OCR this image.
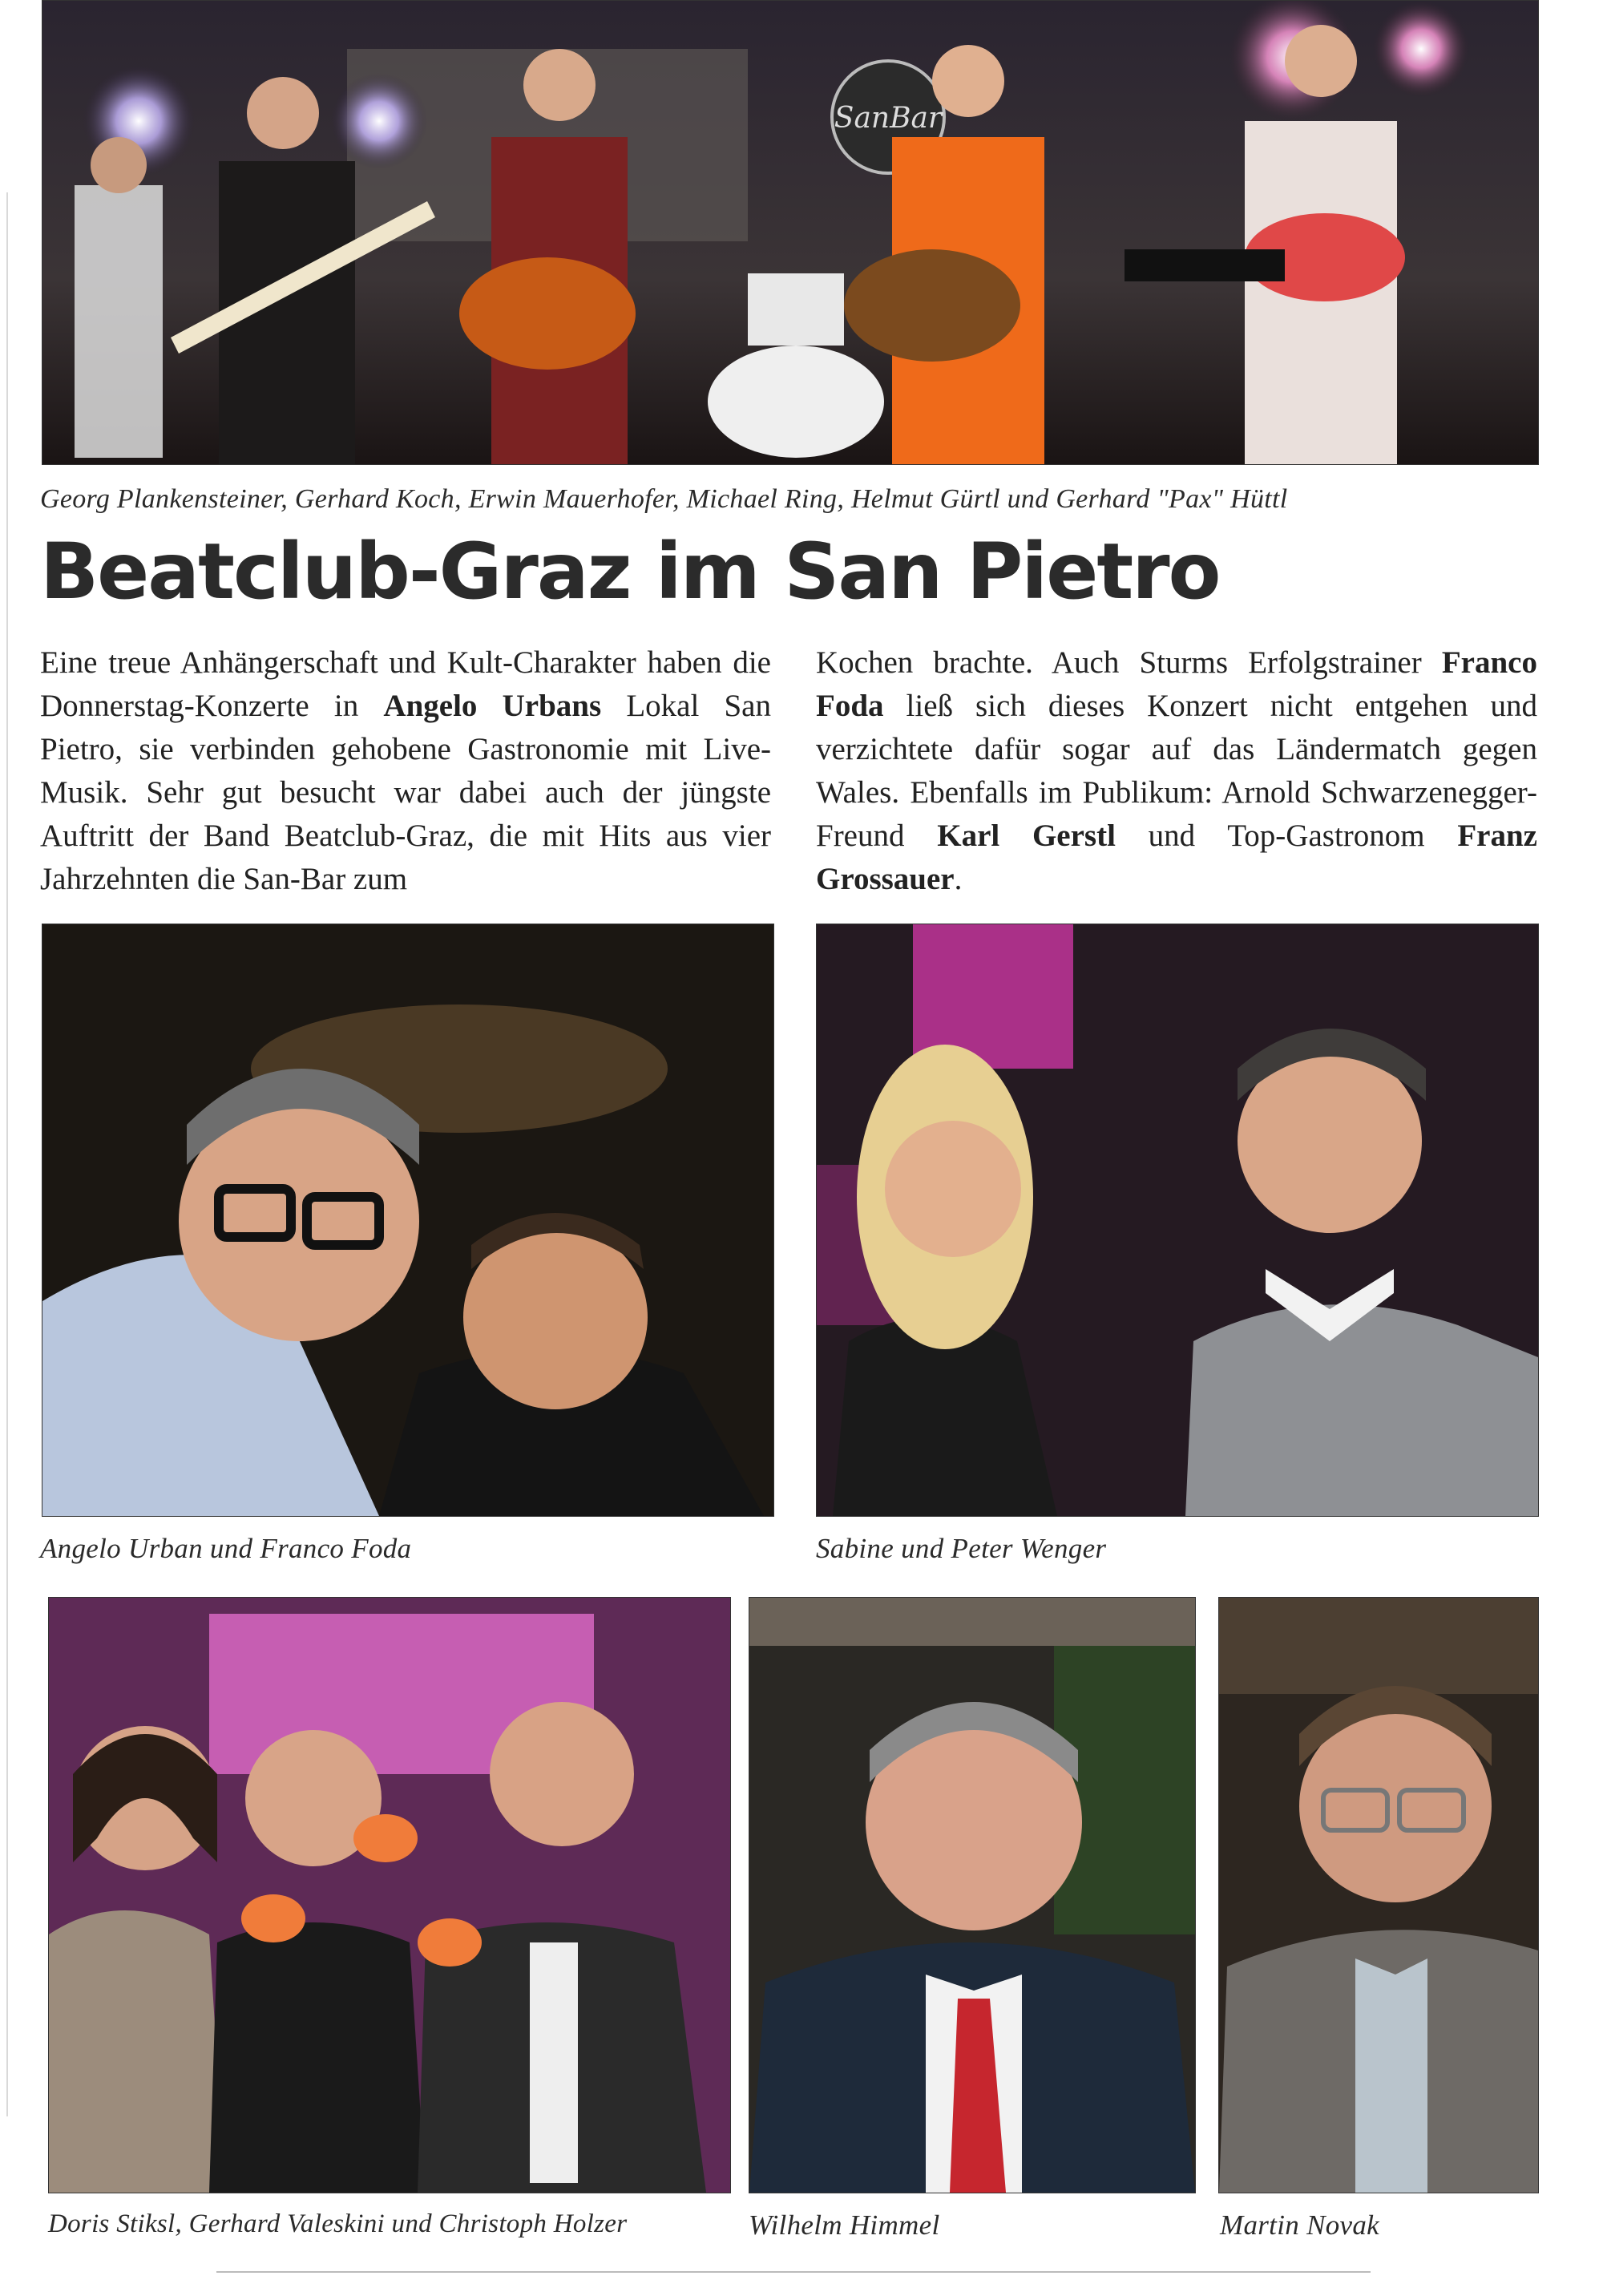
SanBar
Georg Plankensteiner, Gerhard Koch, Erwin Mauerhofer, Michael Ring, Helmut Gürtl und Gerhard "Pax" Hüttl
Beatclub-Graz im San Pietro
Eine treue Anhängerschaft und Kult-Charakter haben die Donnerstag-Konzerte in Angelo Urbans Lokal San Pietro, sie verbinden gehobene Gastronomie mit Live-Musik. Sehr gut besucht war dabei auch der jüngste Auftritt der Band Beatclub-Graz, die mit Hits aus vier Jahrzehnten die San-Bar zum
Kochen brachte. Auch Sturms Erfolgstrainer Franco Foda ließ sich dieses Konzert nicht entgehen und verzichtete dafür sogar auf das Ländermatch gegen Wales. Ebenfalls im Publikum: Arnold Schwarzenegger-Freund Karl Gerstl und Top-Gastronom Franz Grossauer.
Angelo Urban und Franco Foda	Sabine und Peter Wenger
Doris Stiksl, Gerhard Valeskini und Christoph Holzer	Wilhelm Himmel	Martin Novak
